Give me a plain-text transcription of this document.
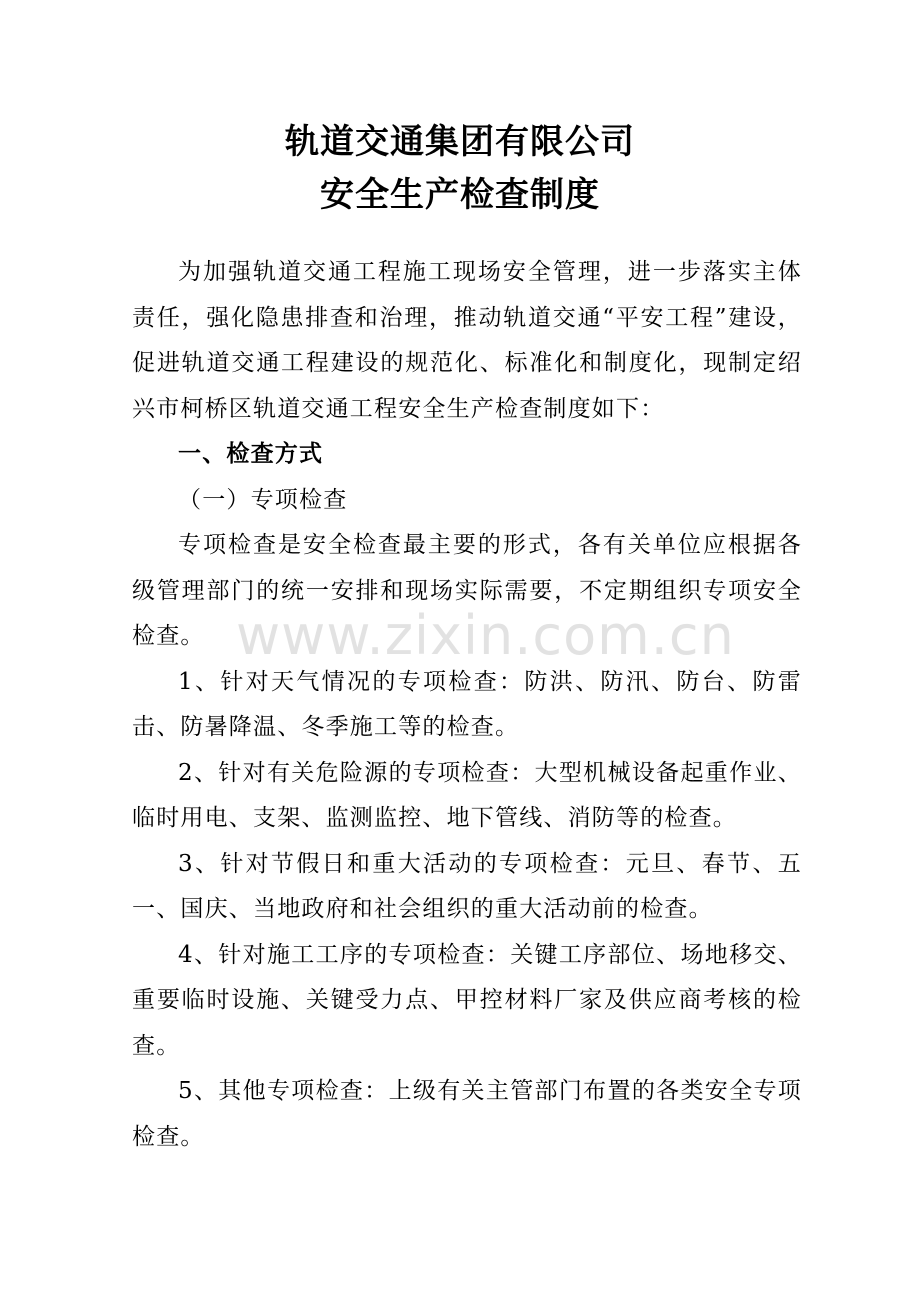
轨道交通集团有限公司
安全生产检查制度

为加强轨道交通工程施工现场安全管理，进一步落实主体责任，强化隐患排查和治理，推动轨道交通“平安工程”建设，促进轨道交通工程建设的规范化、标准化和制度化，现制定绍兴市柯桥区轨道交通工程安全生产检查制度如下：

一、检查方式

（一）专项检查

专项检查是安全检查最主要的形式，各有关单位应根据各级管理部门的统一安排和现场实际需要，不定期组织专项安全检查。

1、针对天气情况的专项检查：防洪、防汛、防台、防雷击、防暑降温、冬季施工等的检查。

2、针对有关危险源的专项检查：大型机械设备起重作业、临时用电、支架、监测监控、地下管线、消防等的检查。

3、针对节假日和重大活动的专项检查：元旦、春节、五一、国庆、当地政府和社会组织的重大活动前的检查。

4、针对施工工序的专项检查：关键工序部位、场地移交、重要临时设施、关键受力点、甲控材料厂家及供应商考核的检查。

5、其他专项检查：上级有关主管部门布置的各类安全专项检查。

www.zixin.com.cn
